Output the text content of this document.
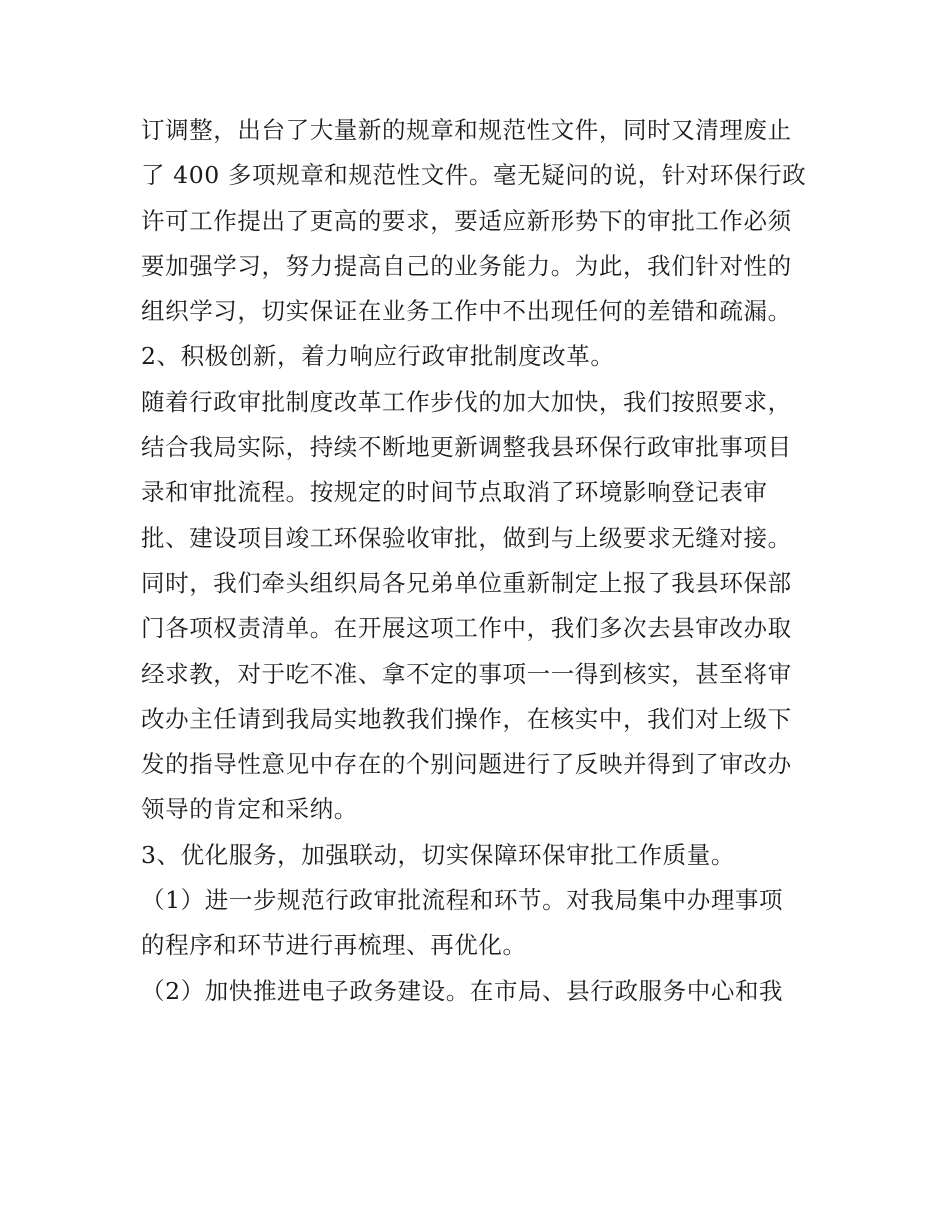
订调整，出台了大量新的规章和规范性文件，同时又清理废止
了 400 多项规章和规范性文件。毫无疑问的说，针对环保行政
许可工作提出了更高的要求，要适应新形势下的审批工作必须
要加强学习，努力提高自己的业务能力。为此，我们针对性的
组织学习，切实保证在业务工作中不出现任何的差错和疏漏。
2、积极创新，着力响应行政审批制度改革。
随着行政审批制度改革工作步伐的加大加快，我们按照要求，
结合我局实际，持续不断地更新调整我县环保行政审批事项目
录和审批流程。按规定的时间节点取消了环境影响登记表审
批、建设项目竣工环保验收审批，做到与上级要求无缝对接。
同时，我们牵头组织局各兄弟单位重新制定上报了我县环保部
门各项权责清单。在开展这项工作中，我们多次去县审改办取
经求教，对于吃不准、拿不定的事项一一得到核实，甚至将审
改办主任请到我局实地教我们操作，在核实中，我们对上级下
发的指导性意见中存在的个别问题进行了反映并得到了审改办
领导的肯定和采纳。
3、优化服务，加强联动，切实保障环保审批工作质量。
（1）进一步规范行政审批流程和环节。对我局集中办理事项
的程序和环节进行再梳理、再优化。
（2）加快推进电子政务建设。在市局、县行政服务中心和我
